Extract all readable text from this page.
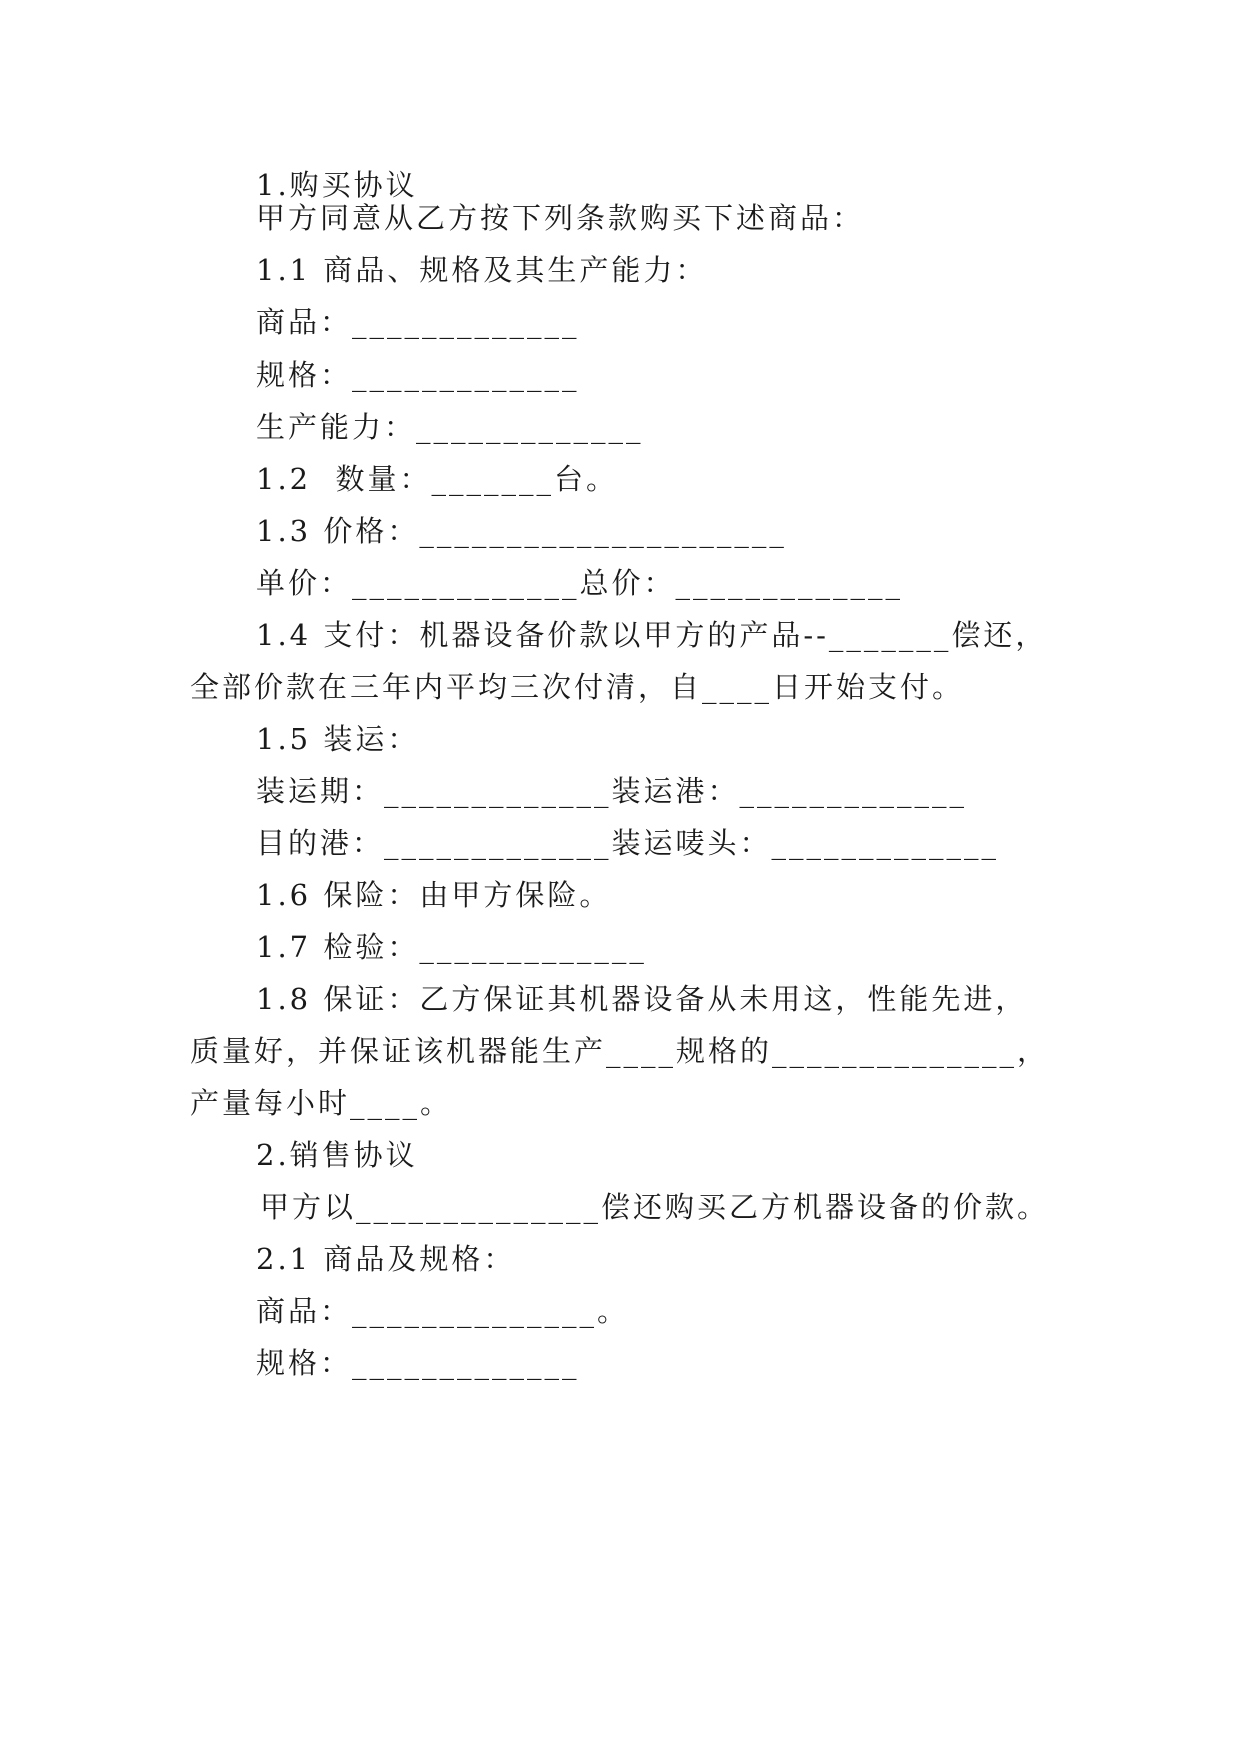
1.购买协议
甲方同意从乙方按下列条款购买下述商品：
1.1 商品、规格及其生产能力：
商品：_____________
规格：_____________
生产能力：_____________
1.2  数量：_______台。
1.3 价格：_____________________
单价：_____________总价：_____________
1.4 支付：机器设备价款以甲方的产品--_______偿还，
全部价款在三年内平均三次付清，自____日开始支付。
1.5 装运：
装运期：_____________装运港：_____________
目的港：_____________装运唛头：_____________
1.6 保险：由甲方保险。
1.7 检验：_____________
1.8 保证：乙方保证其机器设备从未用这，性能先进，
质量好，并保证该机器能生产____规格的______________，
产量每小时____。
2.销售协议
甲方以______________偿还购买乙方机器设备的价款。
2.1 商品及规格：
商品：______________。
规格：_____________
